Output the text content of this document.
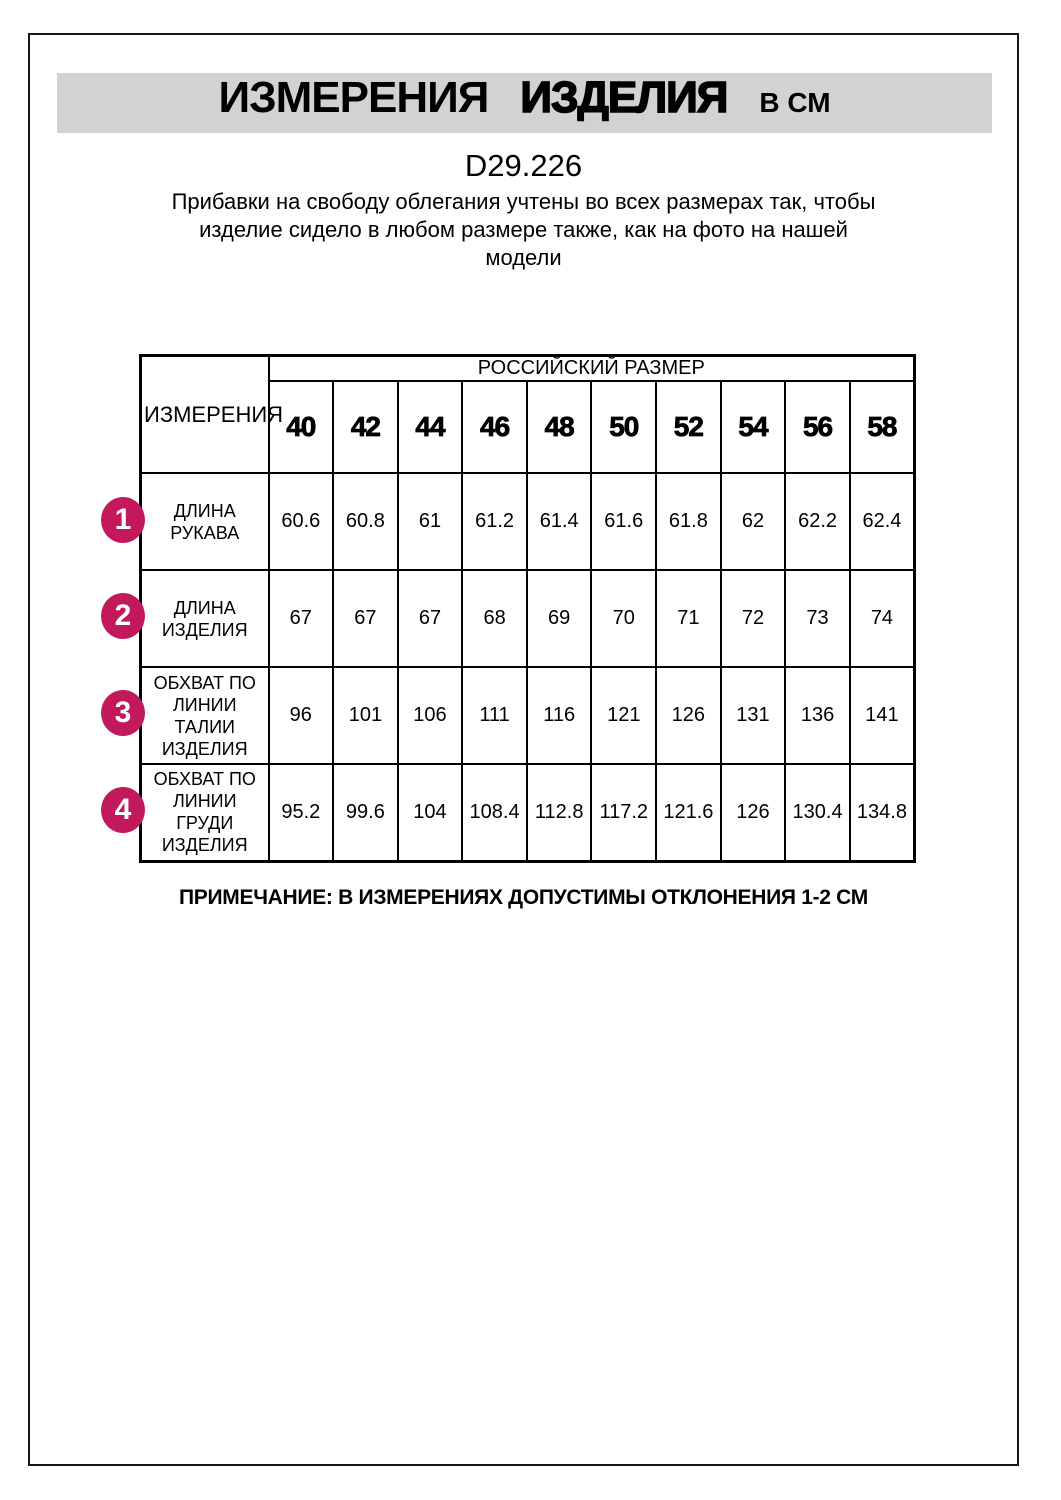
ИЗМЕРЕНИЯ ИЗДЕЛИЯ В СМ
D29.226
Прибавки на свободу облегания учтены во всех размерах так, чтобы
изделие сидело в любом размере также, как на фото на нашей
модели
ИЗМЕРЕНИЯ	РОССИЙСКИЙ РАЗМЕР									
	40	42	44	46	48	50	52	54	56	58
ДЛИНА РУКАВА	60.6	60.8	61	61.2	61.4	61.6	61.8	62	62.2	62.4
ДЛИНА ИЗДЕЛИЯ	67	67	67	68	69	70	71	72	73	74
ОБХВАТ ПО ЛИНИИ ТАЛИИ ИЗДЕЛИЯ	96	101	106	111	116	121	126	131	136	141
ОБХВАТ ПО ЛИНИИ ГРУДИ ИЗДЕЛИЯ	95.2	99.6	104	108.4	112.8	117.2	121.6	126	130.4	134.8
1
2
3
4
ПРИМЕЧАНИЕ: В ИЗМЕРЕНИЯХ ДОПУСТИМЫ ОТКЛОНЕНИЯ 1-2 СМ
